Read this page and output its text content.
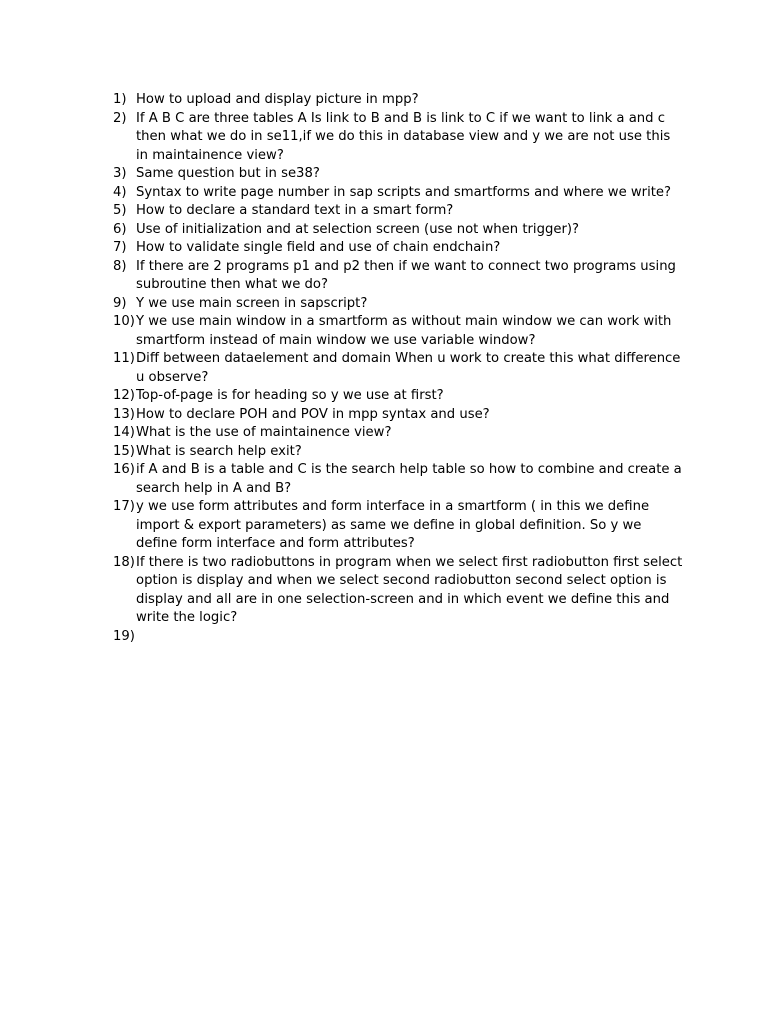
1) How to upload and display picture in mpp?
2) If A B C are three tables A Is link to B and B is link to C if we want to link a and c then what we do in se11,if we do this in database view and y we are not use this in maintainence view?
3) Same question but in se38?
4) Syntax to write page number in sap scripts and smartforms and where we write?
5) How to declare a standard text in a smart form?
6) Use of initialization and at selection screen (use not when trigger)?
7) How to validate single field and use of chain endchain?
8) If there are 2 programs p1 and p2 then if we want to connect two programs using subroutine then what we do?
9) Y we use main screen in sapscript?
10) Y we use main window in a smartform as without main window we can work with smartform instead of main window we use variable window?
11) Diff between dataelement and domain When u work to create this what difference u observe?
12) Top-of-page is for heading so y we use at first?
13) How to declare POH and POV in mpp syntax and use?
14) What is the use of maintainence view?
15) What is search help exit?
16) if A and B is a table and C is the search help table so how to combine and create a search help in A and B?
17) y we use form attributes and form interface in a smartform ( in this we define import & export parameters) as same we define in global definition. So y we define form interface and form attributes?
18) If there is two radiobuttons in program when we select first radiobutton first select option is display and when we select second radiobutton second select option is display and all are in one selection-screen and in which event we define this and write the logic?
19)
